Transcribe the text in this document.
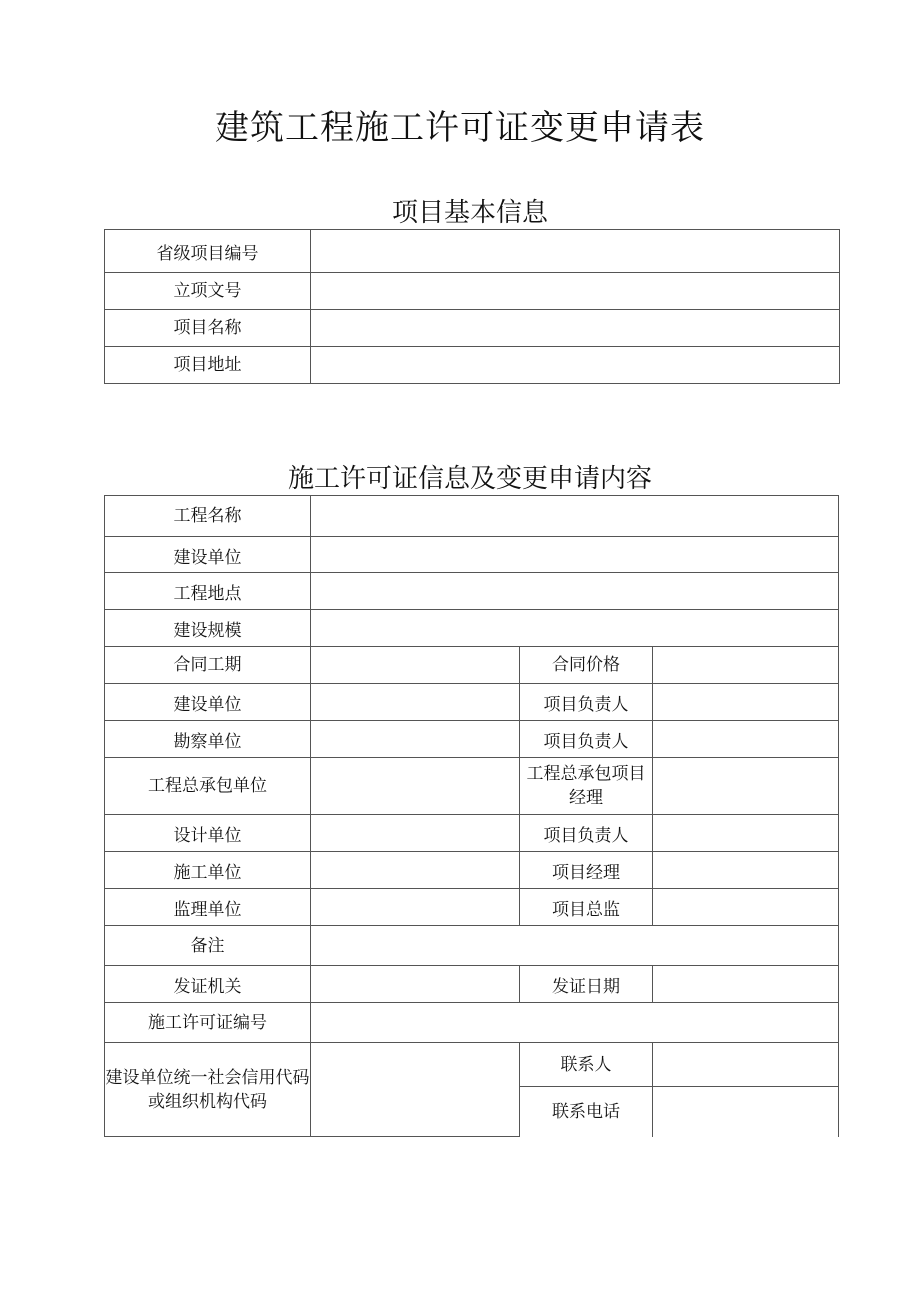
建筑工程施工许可证变更申请表
项目基本信息
省级项目编号	
立项文号	
项目名称	
项目地址	
施工许可证信息及变更申请内容
工程名称			
建设单位			
工程地点			
建设规模			
合同工期		合同价格	
建设单位		项目负责人	
勘察单位		项目负责人	
工程总承包单位		工程总承包项目经理	
设计单位		项目负责人	
施工单位		项目经理	
监理单位		项目总监	
备注			
发证机关		发证日期	
施工许可证编号			
建设单位统一社会信用代码或组织机构代码		联系人	
		联系电话	
